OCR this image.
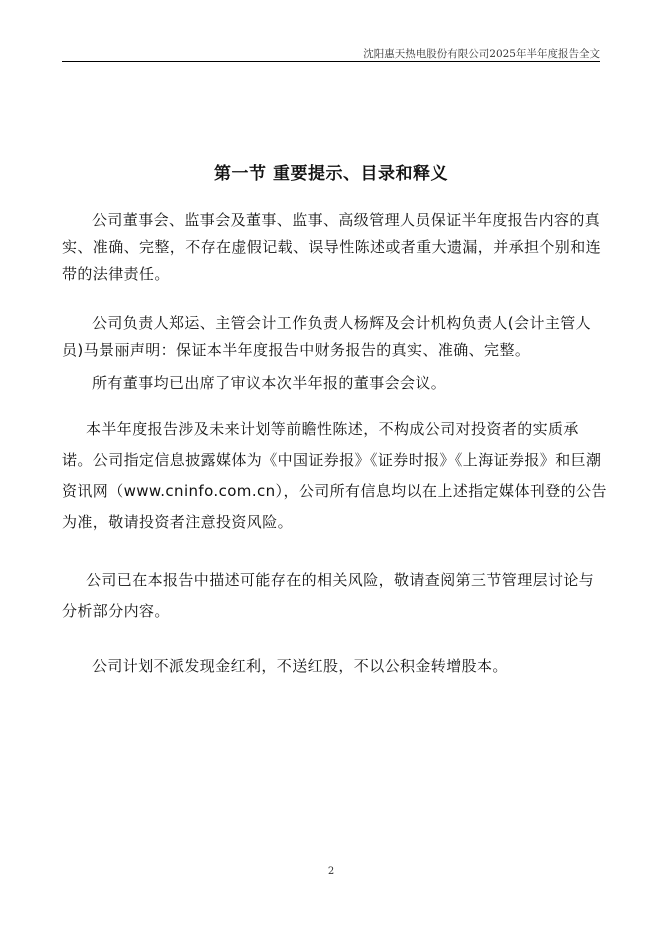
沈阳惠天热电股份有限公司2025年半年度报告全文
第一节 重要提示、目录和释义

公司董事会、监事会及董事、监事、高级管理人员保证半年度报告内容的真实、准确、完整，不存在虚假记载、误导性陈述或者重大遗漏，并承担个别和连带的法律责任。

公司负责人郑运、主管会计工作负责人杨辉及会计机构负责人(会计主管人员)马景丽声明：保证本半年度报告中财务报告的真实、准确、完整。

所有董事均已出席了审议本次半年报的董事会会议。

本半年度报告涉及未来计划等前瞻性陈述，不构成公司对投资者的实质承诺。公司指定信息披露媒体为《中国证券报》《证券时报》《上海证券报》和巨潮资讯网（www.cninfo.com.cn），公司所有信息均以在上述指定媒体刊登的公告为准，敬请投资者注意投资风险。

公司已在本报告中描述可能存在的相关风险，敬请查阅第三节管理层讨论与分析部分内容。

公司计划不派发现金红利，不送红股，不以公积金转增股本。

2
